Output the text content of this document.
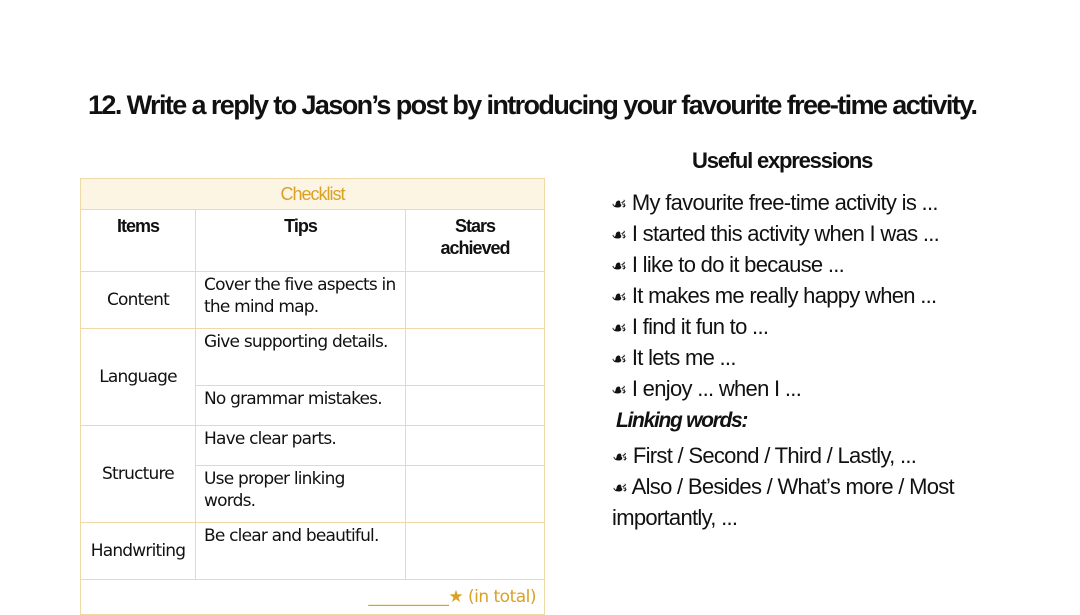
12. Write a reply to Jason’s post by introducing your favourite free-time activity.
Checklist		
Items	Tips	Stars achieved

Content	Cover the five aspects in the mind map.	
Language	Give supporting details.	
	No grammar mistakes.	
Structure	Have clear parts.	
	Use proper linking words.	

Handwriting	Be clear and beautiful.	
__________★ (in total)		
Useful expressions
☙ My favourite free-time activity is ...
☙ I started this activity when I was ...
☙ I like to do it because ...
☙ It makes me really happy when ...
☙ I find it fun to ...
☙ It lets me ...
☙ I enjoy ... when I ...
Linking words:
☙ First / Second / Third / Lastly, ...
☙ Also / Besides / What’s more / Most importantly, ...
